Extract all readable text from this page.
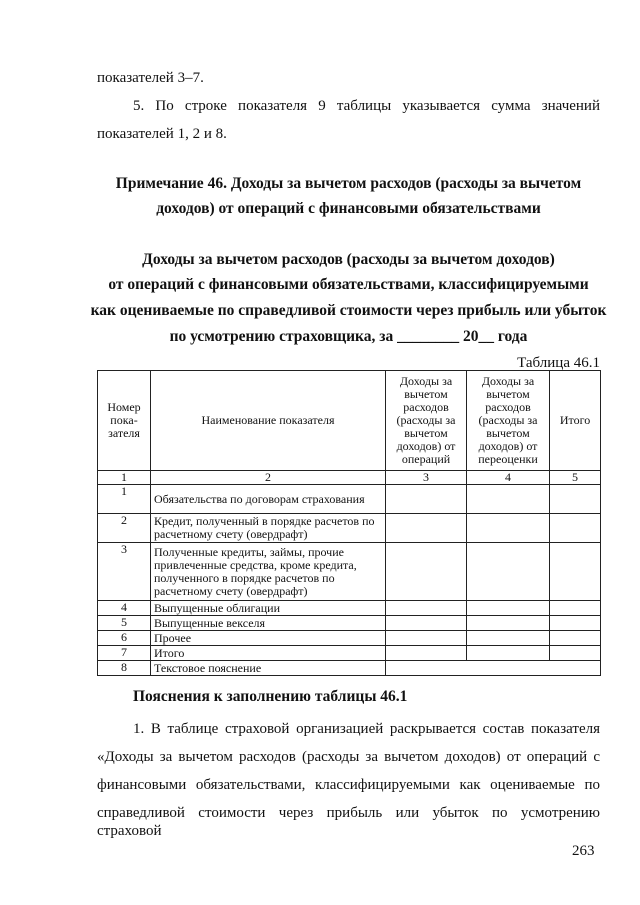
показателей 3–7.
5. По строке показателя 9 таблицы указывается сумма значений
показателей 1, 2 и 8.
Примечание 46. Доходы за вычетом расходов (расходы за вычетом
доходов) от операций с финансовыми обязательствами
Доходы за вычетом расходов (расходы за вычетом доходов)
от операций с финансовыми обязательствами, классифицируемыми
как оцениваемые по справедливой стоимости через прибыль или убыток
по усмотрению страховщика, за ________ 20__ года
Таблица 46.1
Номер пока-зателя	Наименование показателя	Доходы за вычетом расходов (расходы за вычетом доходов) от операций	Доходы за вычетом расходов (расходы за вычетом доходов) от переоценки	Итого
1	2	3	4	5
1	Обязательства по договорам страхования			
2	Кредит, полученный в порядке расчетов по расчетному счету (овердрафт)			
3	Полученные кредиты, займы, прочие привлеченные средства, кроме кредита, полученного в порядке расчетов по расчетному счету (овердрафт)			
4	Выпущенные облигации			
5	Выпущенные векселя			
6	Прочее			
7	Итого			
8	Текстовое пояснение			
Пояснения к заполнению таблицы 46.1
1. В таблице страховой организацией раскрывается состав показателя
«Доходы за вычетом расходов (расходы за вычетом доходов) от операций с
финансовыми обязательствами, классифицируемыми как оцениваемые по
справедливой стоимости через прибыль или убыток по усмотрению страховой
263
